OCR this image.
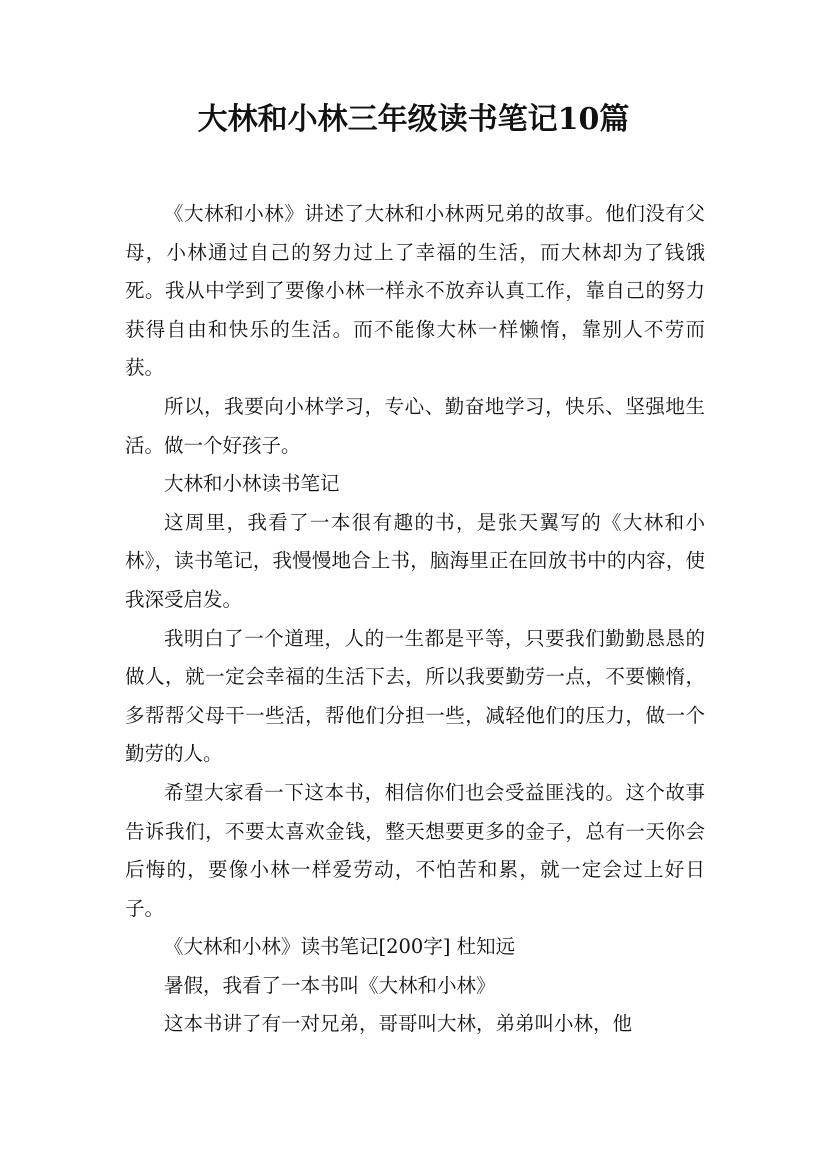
大林和小林三年级读书笔记10篇

《大林和小林》讲述了大林和小林两兄弟的故事。他们没有父母，小林通过自己的努力过上了幸福的生活，而大林却为了钱饿死。我从中学到了要像小林一样永不放弃认真工作，靠自己的努力获得自由和快乐的生活。而不能像大林一样懒惰，靠别人不劳而获。

所以，我要向小林学习，专心、勤奋地学习，快乐、坚强地生活。做一个好孩子。

大林和小林读书笔记

这周里，我看了一本很有趣的书，是张天翼写的《大林和小林》，读书笔记，我慢慢地合上书，脑海里正在回放书中的内容，使我深受启发。

我明白了一个道理，人的一生都是平等，只要我们勤勤恳恳的做人，就一定会幸福的生活下去，所以我要勤劳一点，不要懒惰，多帮帮父母干一些活，帮他们分担一些，减轻他们的压力，做一个勤劳的人。

希望大家看一下这本书，相信你们也会受益匪浅的。这个故事告诉我们，不要太喜欢金钱，整天想要更多的金子，总有一天你会后悔的，要像小林一样爱劳动，不怕苦和累，就一定会过上好日子。

《大林和小林》读书笔记[200字] 杜知远

暑假，我看了一本书叫《大林和小林》

这本书讲了有一对兄弟，哥哥叫大林，弟弟叫小林，他
